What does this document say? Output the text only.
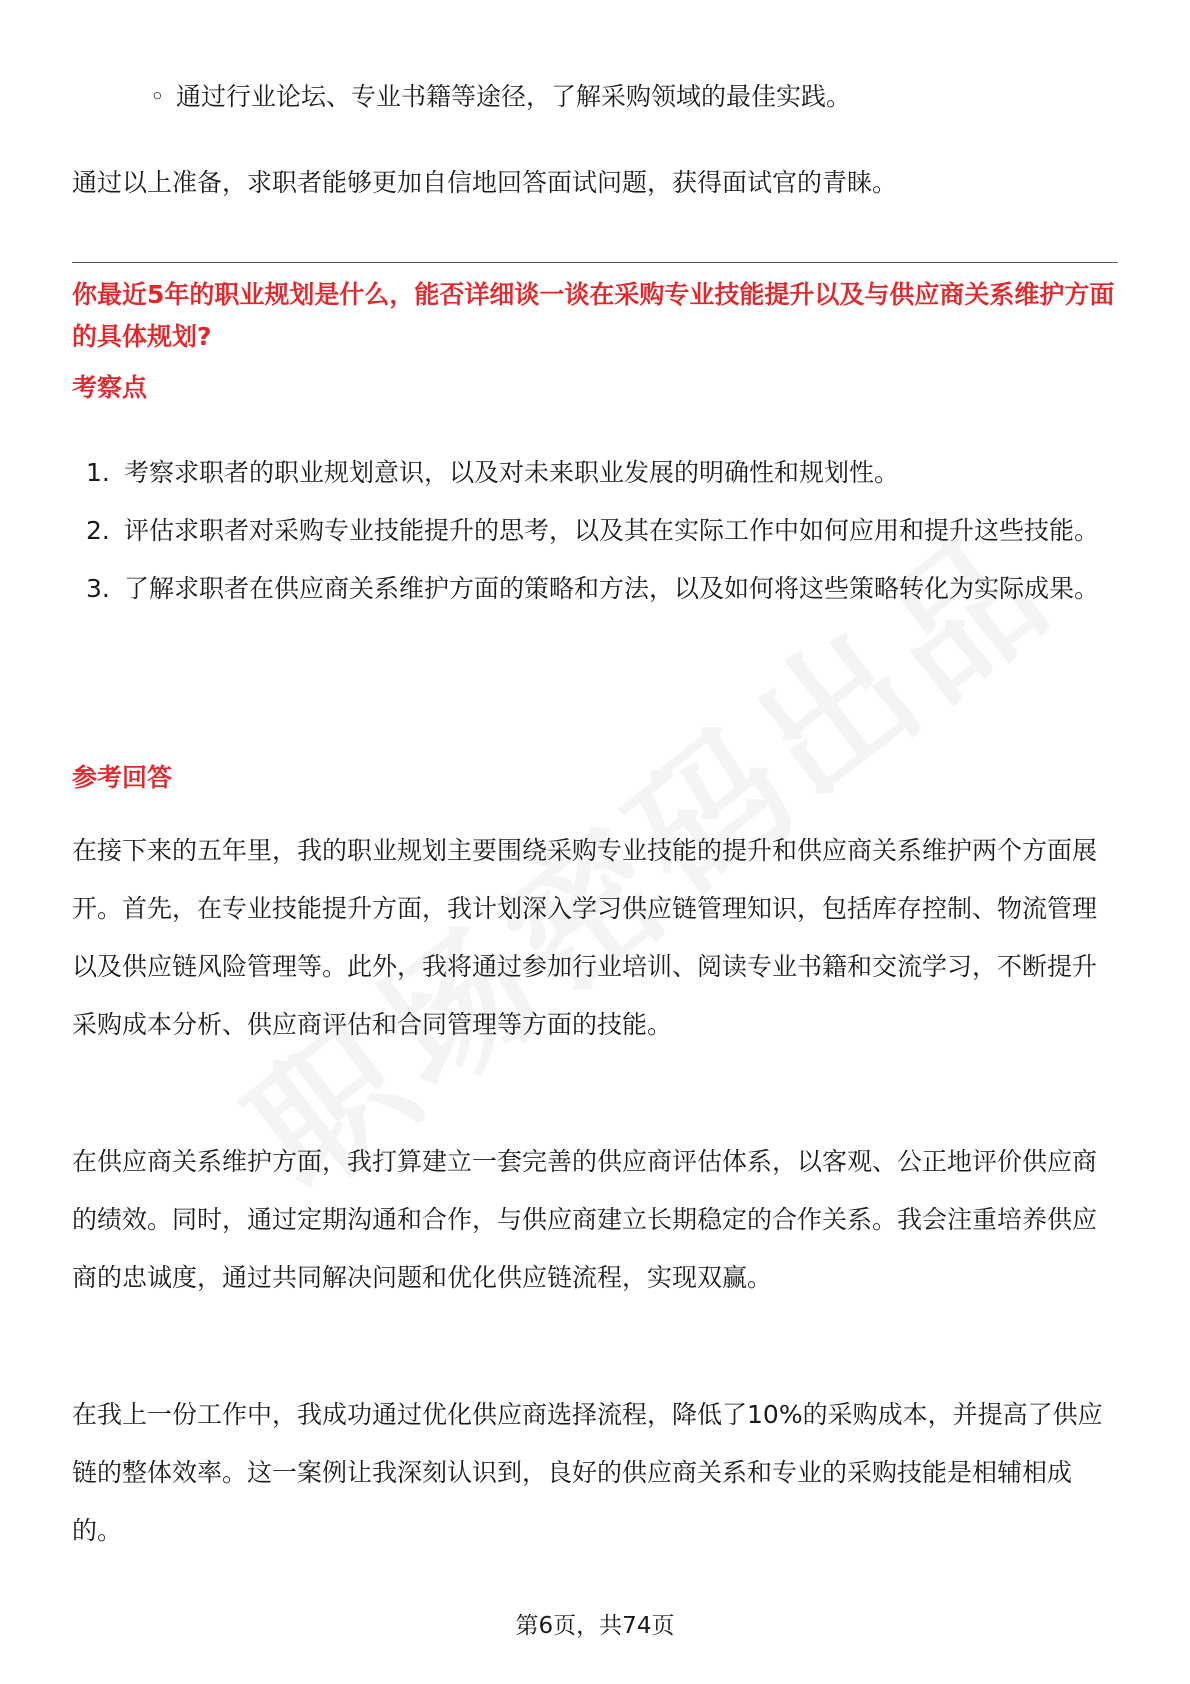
◦ 通过行业论坛、专业书籍等途径，了解采购领域的最佳实践。

通过以上准备，求职者能够更加自信地回答面试问题，获得面试官的青睐。

你最近5年的职业规划是什么，能否详细谈一谈在采购专业技能提升以及与供应商关系维护方面的具体规划?
考察点
1. 考察求职者的职业规划意识，以及对未来职业发展的明确性和规划性。
2. 评估求职者对采购专业技能提升的思考，以及其在实际工作中如何应用和提升这些技能。
3. 了解求职者在供应商关系维护方面的策略和方法，以及如何将这些策略转化为实际成果。
参考回答

在接下来的五年里，我的职业规划主要围绕采购专业技能的提升和供应商关系维护两个方面展开。首先，在专业技能提升方面，我计划深入学习供应链管理知识，包括库存控制、物流管理以及供应链风险管理等。此外，我将通过参加行业培训、阅读专业书籍和交流学习，不断提升采购成本分析、供应商评估和合同管理等方面的技能。

在供应商关系维护方面，我打算建立一套完善的供应商评估体系，以客观、公正地评价供应商的绩效。同时，通过定期沟通和合作，与供应商建立长期稳定的合作关系。我会注重培养供应商的忠诚度，通过共同解决问题和优化供应链流程，实现双赢。

在我上一份工作中，我成功通过优化供应商选择流程，降低了10%的采购成本，并提高了供应链的整体效率。这一案例让我深刻认识到，良好的供应商关系和专业的采购技能是相辅相成的。

第6页，共74页
